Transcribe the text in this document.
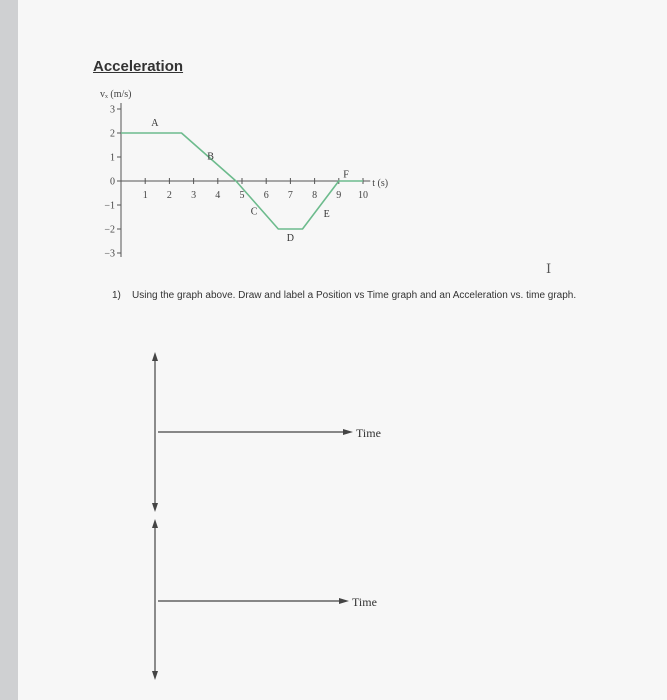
Acceleration
3
2
1
0
−1
−2
−3
1 2 3 4 5 6 7 8 9 10
vₓ (m/s)
t (s)
A
B
C
D
E
F
Time
Time
I
1) Using the graph above. Draw and label a Position vs Time graph and an Acceleration vs. time graph.
